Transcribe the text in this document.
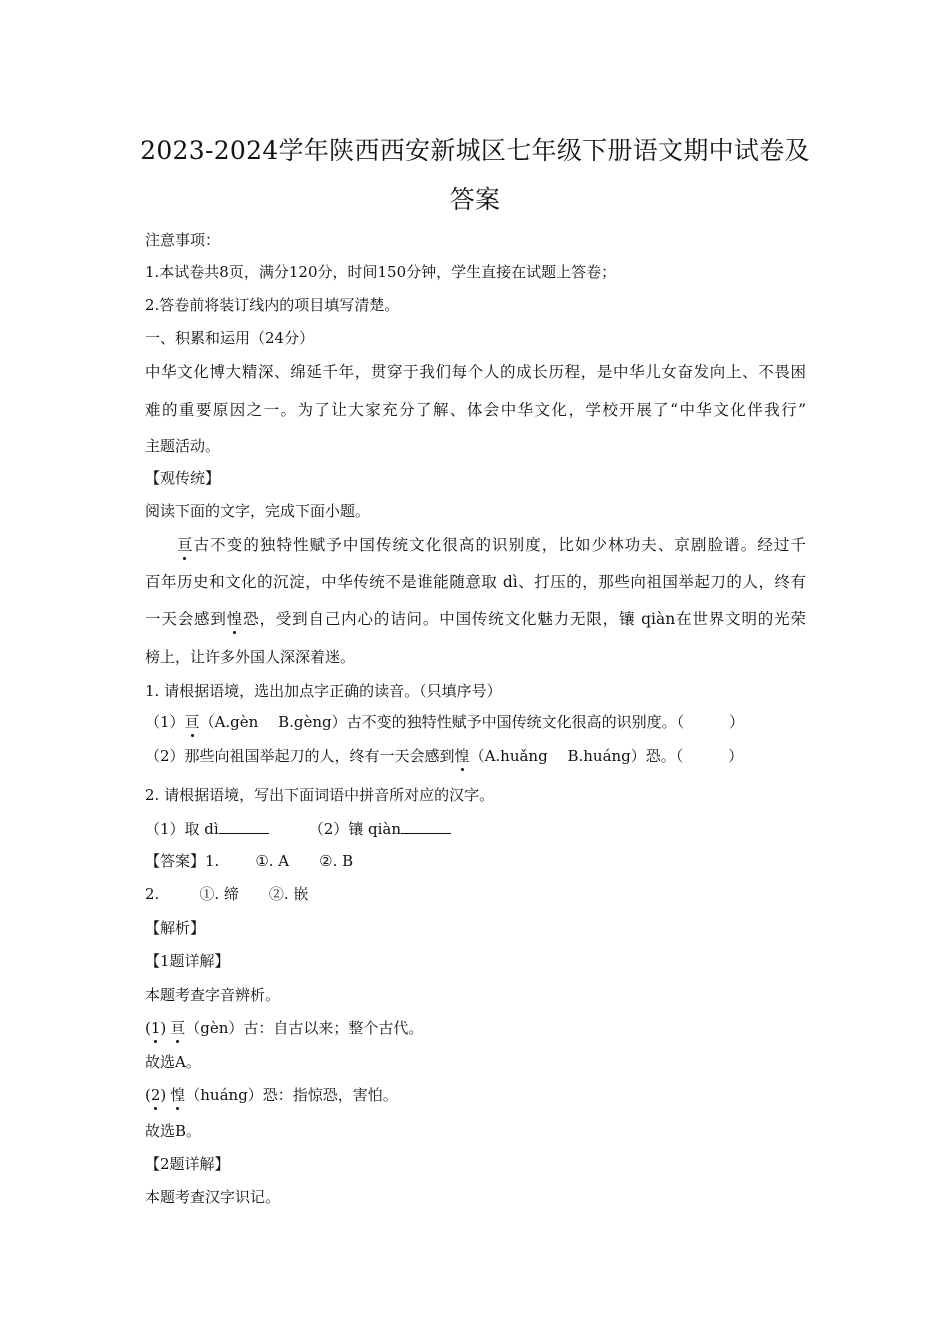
2023-2024学年陕西西安新城区七年级下册语文期中试卷及
答案
注意事项：
1.本试卷共8页，满分120分，时间150分钟，学生直接在试题上答卷；
2.答卷前将装订线内的项目填写清楚。
一、积累和运用（24分）
中华文化博大精深、绵延千年，贯穿于我们每个人的成长历程，是中华儿女奋发向上、不畏困
难的重要原因之一。为了让大家充分了解、体会中华文化，学校开展了“中华文化伴我行”
主题活动。
【观传统】
阅读下面的文字，完成下面小题。
亘古不变的独特性赋予中国传统文化很高的识别度，比如少林功夫、京剧脸谱。经过千
百年历史和文化的沉淀，中华传统不是谁能随意取 dì、打压的，那些向祖国举起刀的人，终有
一天会感到惶恐，受到自己内心的诘问。中国传统文化魅力无限，镶 qiàn在世界文明的光荣
榜上，让许多外国人深深着迷。
1. 请根据语境，选出加点字正确的读音。（只填序号）
（1）亘（A.gèn　 B.gèng）古不变的独特性赋予中国传统文化很高的识别度。（　　　）
（2）那些向祖国举起刀的人，终有一天会感到惶（A.huǎng　 B.huáng）恐。（　　　）
2. 请根据语境，写出下面词语中拼音所对应的汉字。
（1）取 dì	（2）镶 qiàn
【答案】1. ①. A ②. B
2.	①. 缔 ②. 嵌
【解析】
【1题详解】
本题考查字音辨析。
(1) 亘（gèn）古：自古以来；整个古代。
故选A。
(2) 惶（huáng）恐：指惊恐，害怕。
故选B。
【2题详解】
本题考查汉字识记。
